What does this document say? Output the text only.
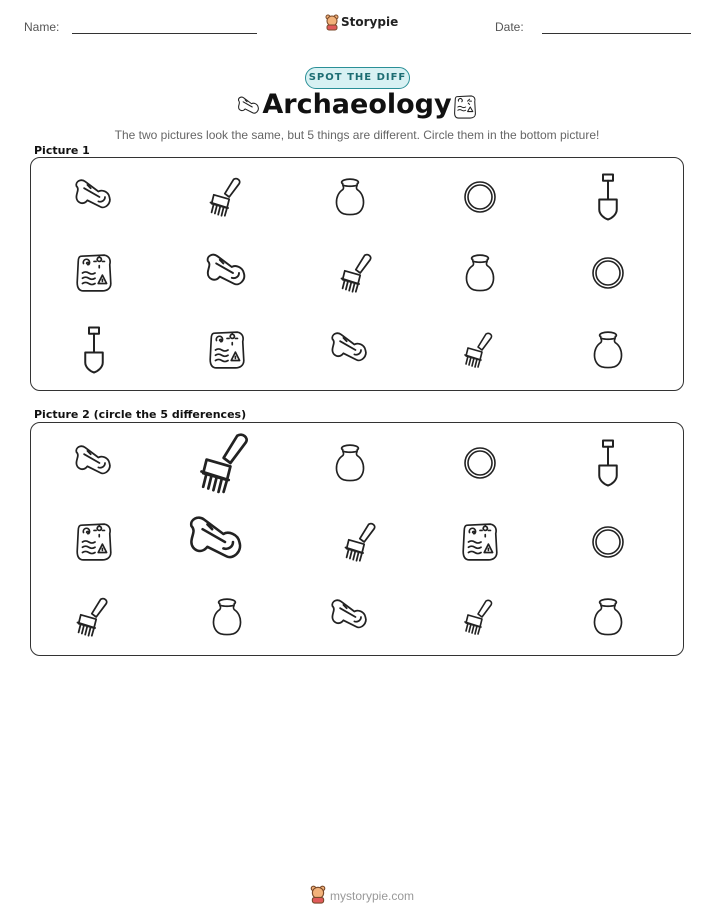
Name:	Storypie	Date:
SPOT THE DIFF
Archaeology
The two pictures look the same, but 5 things are different. Circle them in the bottom picture!
Picture 1
Picture 2 (circle the 5 differences)
mystorypie.com
